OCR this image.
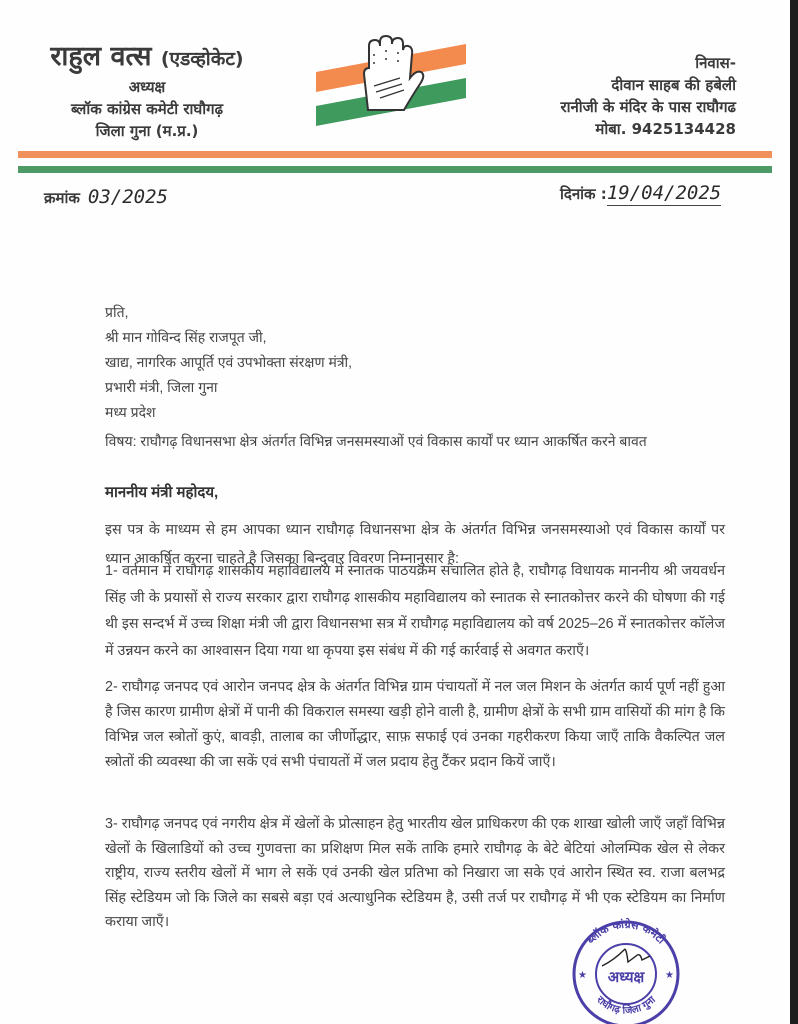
राहुल वत्स (एडव्होकेट)
अध्यक्ष
ब्लॉक कांग्रेस कमेटी राघौगढ़
जिला गुना (म.प्र.)
निवास-
दीवान साहब की हबेली
रानीजी के मंदिर के पास राघौगढ
मोबा. 9425134428
क्रमांक 03/2025	दिनांक :19/04/2025
प्रति,
श्री मान गोविन्द सिंह राजपूत जी,
खाद्य, नागरिक आपूर्ति एवं उपभोक्ता संरक्षण मंत्री,
प्रभारी मंत्री, जिला गुना
मध्य प्रदेश
विषय: राघौगढ़ विधानसभा क्षेत्र अंतर्गत विभिन्न जनसमस्याओं एवं विकास कार्यों पर ध्यान आकर्षित करने बावत
माननीय मंत्री महोदय,
इस पत्र के माध्यम से हम आपका ध्यान राघौगढ़ विधानसभा क्षेत्र के अंतर्गत विभिन्न जनसमस्याओ एवं विकास कार्यों पर ध्यान आकर्षित करना चाहते है जिसका बिन्दुवार विवरण निम्नानुसार है:
1- वर्तमान में राघौगढ़ शासकीय महाविद्यालय में स्नातक पाठयक्रम संचालित होते है, राघौगढ़ विधायक माननीय श्री जयवर्धन सिंह जी के प्रयासों से राज्य सरकार द्वारा राघौगढ़ शासकीय महाविद्यालय को स्नातक से स्नातकोत्तर करने की घोषणा की गई थी इस सन्दर्भ में उच्च शिक्षा मंत्री जी द्वारा विधानसभा सत्र में राघौगढ़ महाविद्यालय को वर्ष 2025–26 में स्नातकोत्तर कॉलेज में उन्नयन करने का आश्वासन दिया गया था कृपया इस संबंध में की गई कार्रवाई से अवगत कराएँ।
2- राघौगढ़ जनपद एवं आरोन जनपद क्षेत्र के अंतर्गत विभिन्न ग्राम पंचायतों में नल जल मिशन के अंतर्गत कार्य पूर्ण नहीं हुआ है जिस कारण ग्रामीण क्षेत्रों में पानी की विकराल समस्या खड़ी होने वाली है, ग्रामीण क्षेत्रों के सभी ग्राम वासियों की मांग है कि विभिन्न जल स्त्रोतों कुएं, बावड़ी, तालाब का जीर्णोद्धार, साफ़ सफाई एवं उनका गहरीकरण किया जाएँ ताकि वैकल्पित जल स्त्रोतों की व्यवस्था की जा सकें एवं सभी पंचायतों में जल प्रदाय हेतु टैंकर प्रदान कियें जाएँ।
3- राघौगढ़ जनपद एवं नगरीय क्षेत्र में खेलों के प्रोत्साहन हेतु भारतीय खेल प्राधिकरण की एक शाखा खोली जाएँ जहाँ विभिन्न खेलों के खिलाडियों को उच्च गुणवत्ता का प्रशिक्षण मिल सकें ताकि हमारे राघौगढ़ के बेटे बेटियां ओलम्पिक खेल से लेकर राष्ट्रीय, राज्य स्तरीय खेलों में भाग ले सकें एवं उनकी खेल प्रतिभा को निखारा जा सके एवं आरोन स्थित स्व. राजा बलभद्र सिंह स्टेडियम जो कि जिले का सबसे बड़ा एवं अत्याधुनिक स्टेडियम है, उसी तर्ज पर राघौगढ़ में भी एक स्टेडियम का निर्माण कराया जाएँ।
ब्लॉक कांग्रेस कमेटी
अध्यक्ष
राघौगढ़ जिला गुना
★	★
